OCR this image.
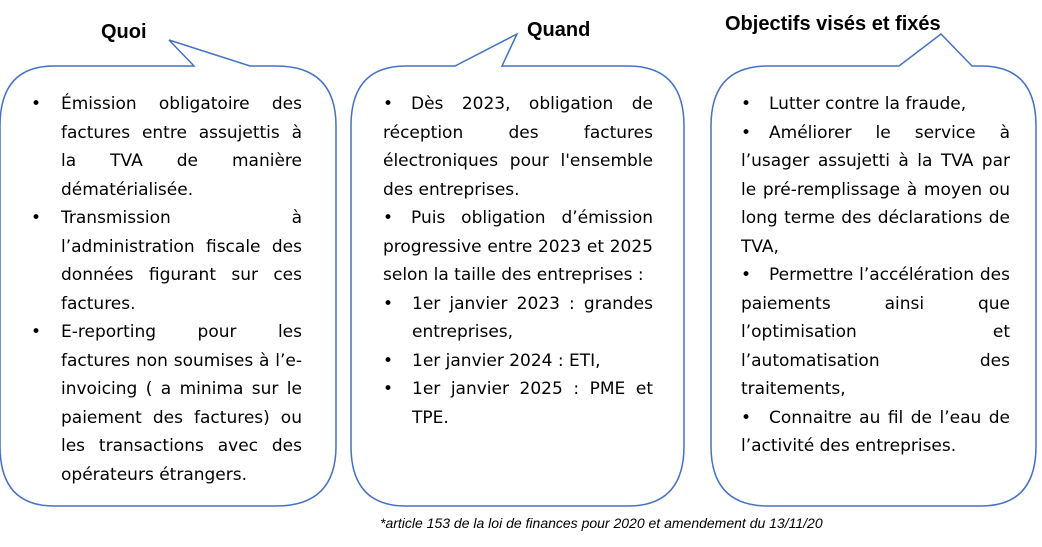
Quoi	Quand	Objectifs visés et fixés

• Émission obligatoire des factures entre assujettis à la TVA de manière dématérialisée.
• Transmission à l’administration fiscale des données figurant sur ces factures.
• E-reporting pour les factures non soumises à l’e-invoicing ( a minima sur le paiement des factures) ou les transactions avec des opérateurs étrangers.
• Dès 2023, obligation de réception des factures électroniques pour l'ensemble des entreprises.
• Puis obligation d’émission progressive entre 2023 et 2025 selon la taille des entreprises :
• 1er janvier 2023 : grandes entreprises,
• 1er janvier 2024 : ETI,
• 1er janvier 2025 : PME et TPE.
• Lutter contre la fraude,
• Améliorer le service à l’usager assujetti à la TVA par le pré-remplissage à moyen ou long terme des déclarations de TVA,
• Permettre l’accélération des paiements ainsi que l’optimisation et l’automatisation des traitements,
• Connaitre au fil de l’eau de l’activité des entreprises.

*article 153 de la loi de finances pour 2020 et amendement du 13/11/20
